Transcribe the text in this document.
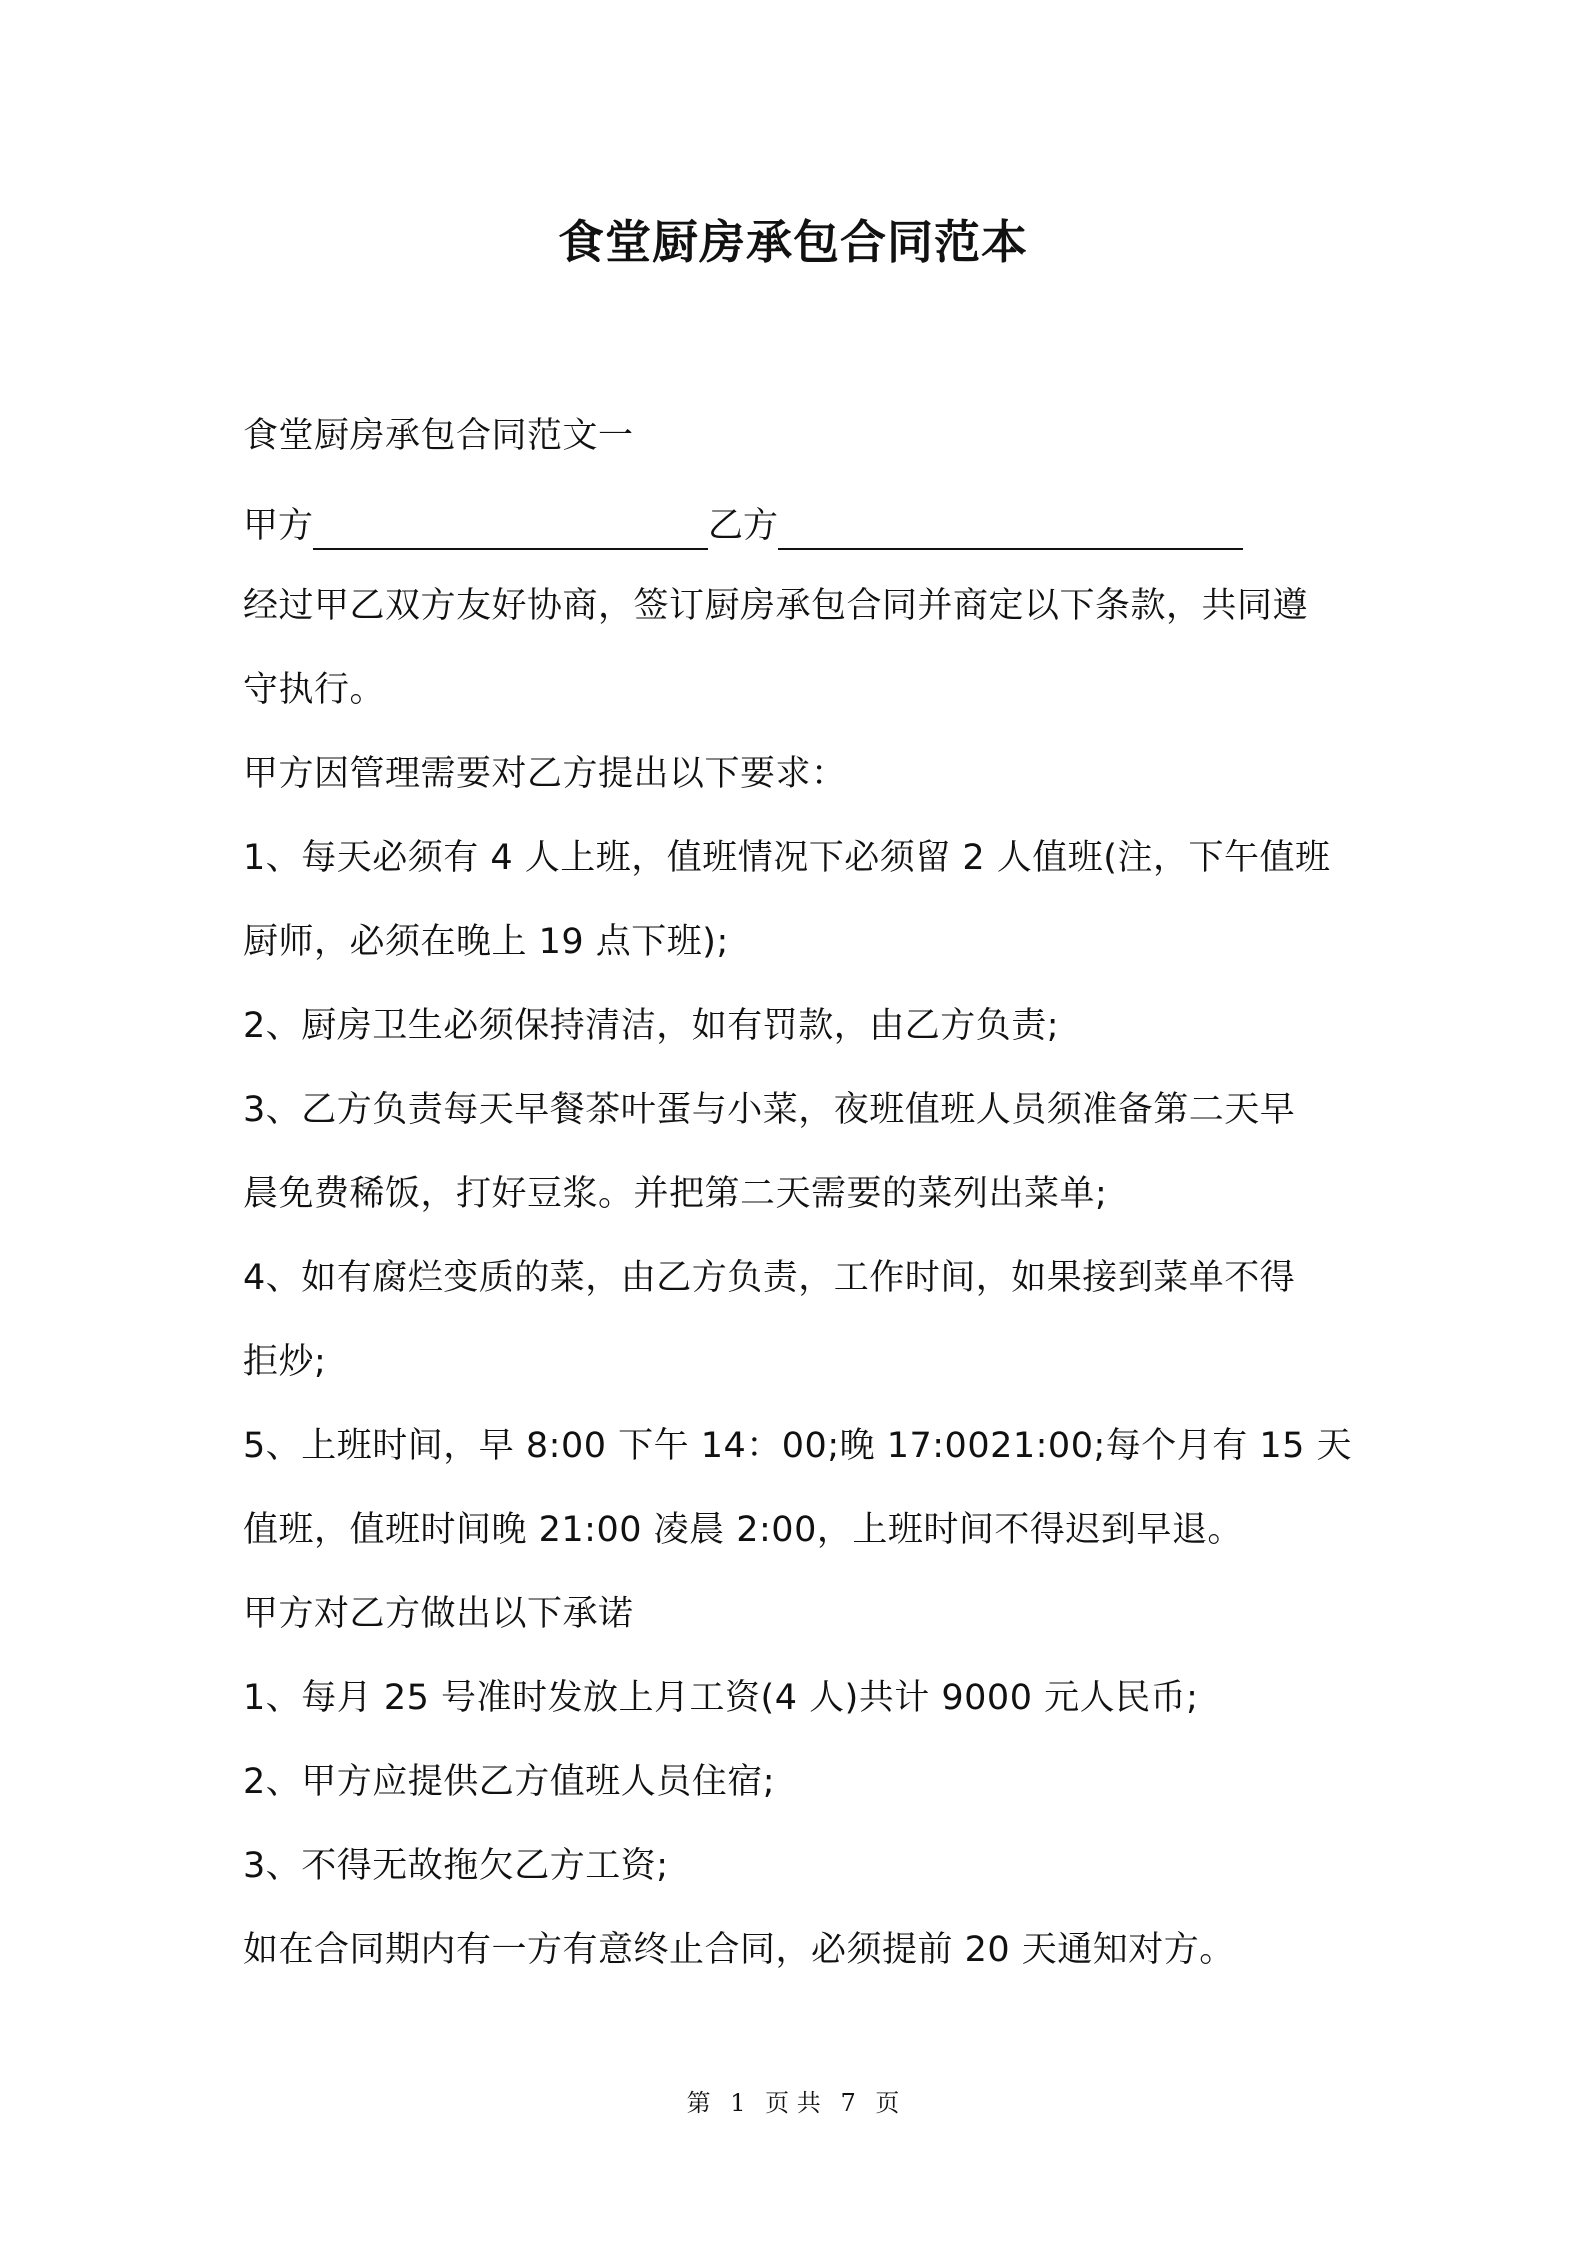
食堂厨房承包合同范本
食堂厨房承包合同范文一
甲方	乙方
经过甲乙双方友好协商，签订厨房承包合同并商定以下条款，共同遵
守执行。
甲方因管理需要对乙方提出以下要求：
1、每天必须有 4 人上班，值班情况下必须留 2 人值班(注，下午值班
厨师，必须在晚上 19 点下班);
2、厨房卫生必须保持清洁，如有罚款，由乙方负责;
3、乙方负责每天早餐茶叶蛋与小菜，夜班值班人员须准备第二天早
晨免费稀饭，打好豆浆。并把第二天需要的菜列出菜单;
4、如有腐烂变质的菜，由乙方负责，工作时间，如果接到菜单不得
拒炒;
5、上班时间，早 8:00 下午 14：00;晚 17:0021:00;每个月有 15 天
值班，值班时间晚 21:00 凌晨 2:00，上班时间不得迟到早退。
甲方对乙方做出以下承诺
1、每月 25 号准时发放上月工资(4 人)共计 9000 元人民币;
2、甲方应提供乙方值班人员住宿;
3、不得无故拖欠乙方工资;
如在合同期内有一方有意终止合同，必须提前 20 天通知对方。
第 1 页 共 7 页
